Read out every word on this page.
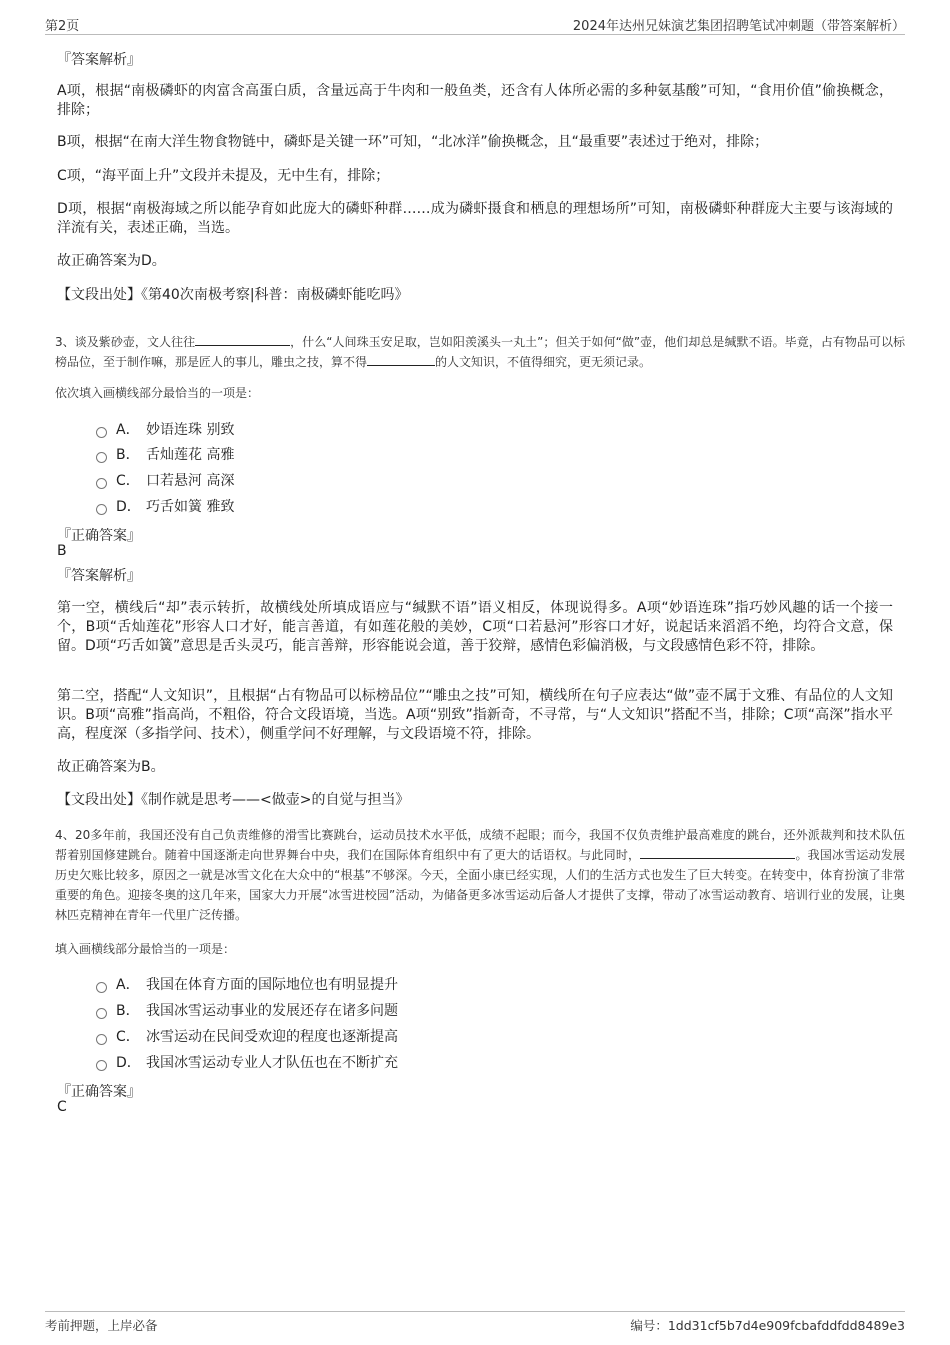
第2页	2024年达州兄妹演艺集团招聘笔试冲刺题（带答案解析）
『答案解析』
A项，根据“南极磷虾的肉富含高蛋白质，含量远高于牛肉和一般鱼类，还含有人体所必需的多种氨基酸”可知，“食用价值”偷换概念，排除；
B项，根据“在南大洋生物食物链中，磷虾是关键一环”可知，“北冰洋”偷换概念，且“最重要”表述过于绝对，排除；
C项，“海平面上升”文段并未提及，无中生有，排除；
D项，根据“南极海域之所以能孕育如此庞大的磷虾种群……成为磷虾摄食和栖息的理想场所”可知，南极磷虾种群庞大主要与该海域的洋流有关，表述正确，当选。
故正确答案为D。
【文段出处】《第40次南极考察|科普：南极磷虾能吃吗》
3、谈及紫砂壶，文人往往	，什么“人间珠玉安足取，岂如阳羡溪头一丸土”；但关于如何“做”壶，他们却总是缄默不语。毕竟，占有物品可以标榜品位，至于制作嘛，那是匠人的事儿，雕虫之技，算不得	的人文知识，不值得细究，更无须记录。
依次填入画横线部分最恰当的一项是：
A． 妙语连珠 别致
B． 舌灿莲花 高雅
C． 口若悬河 高深
D． 巧舌如簧 雅致
『正确答案』
B
『答案解析』
第一空，横线后“却”表示转折，故横线处所填成语应与“缄默不语”语义相反，体现说得多。A项“妙语连珠”指巧妙风趣的话一个接一个，B项“舌灿莲花”形容人口才好，能言善道，有如莲花般的美妙，C项“口若悬河”形容口才好，说起话来滔滔不绝，均符合文意，保留。D项“巧舌如簧”意思是舌头灵巧，能言善辩，形容能说会道，善于狡辩，感情色彩偏消极，与文段感情色彩不符，排除。
第二空，搭配“人文知识”，且根据“占有物品可以标榜品位”“雕虫之技”可知，横线所在句子应表达“做”壶不属于文雅、有品位的人文知识。B项“高雅”指高尚，不粗俗，符合文段语境，当选。A项“别致”指新奇，不寻常，与“人文知识”搭配不当，排除；C项“高深”指水平高，程度深（多指学问、技术），侧重学问不好理解，与文段语境不符，排除。
故正确答案为B。
【文段出处】《制作就是思考——<做壶>的自觉与担当》
4、20多年前，我国还没有自己负责维修的滑雪比赛跳台，运动员技术水平低，成绩不起眼；而今，我国不仅负责维护最高难度的跳台，还外派裁判和技术队伍帮着别国修建跳台。随着中国逐渐走向世界舞台中央，我们在国际体育组织中有了更大的话语权。与此同时，	。我国冰雪运动发展历史欠账比较多，原因之一就是冰雪文化在大众中的“根基”不够深。今天，全面小康已经实现，人们的生活方式也发生了巨大转变。在转变中，体育扮演了非常重要的角色。迎接冬奥的这几年来，国家大力开展“冰雪进校园”活动，为储备更多冰雪运动后备人才提供了支撑，带动了冰雪运动教育、培训行业的发展，让奥林匹克精神在青年一代里广泛传播。
填入画横线部分最恰当的一项是：
A． 我国在体育方面的国际地位也有明显提升
B． 我国冰雪运动事业的发展还存在诸多问题
C． 冰雪运动在民间受欢迎的程度也逐渐提高
D． 我国冰雪运动专业人才队伍也在不断扩充
『正确答案』
C
考前押题，上岸必备	编号：1dd31cf5b7d4e909fcbafddfdd8489e3
